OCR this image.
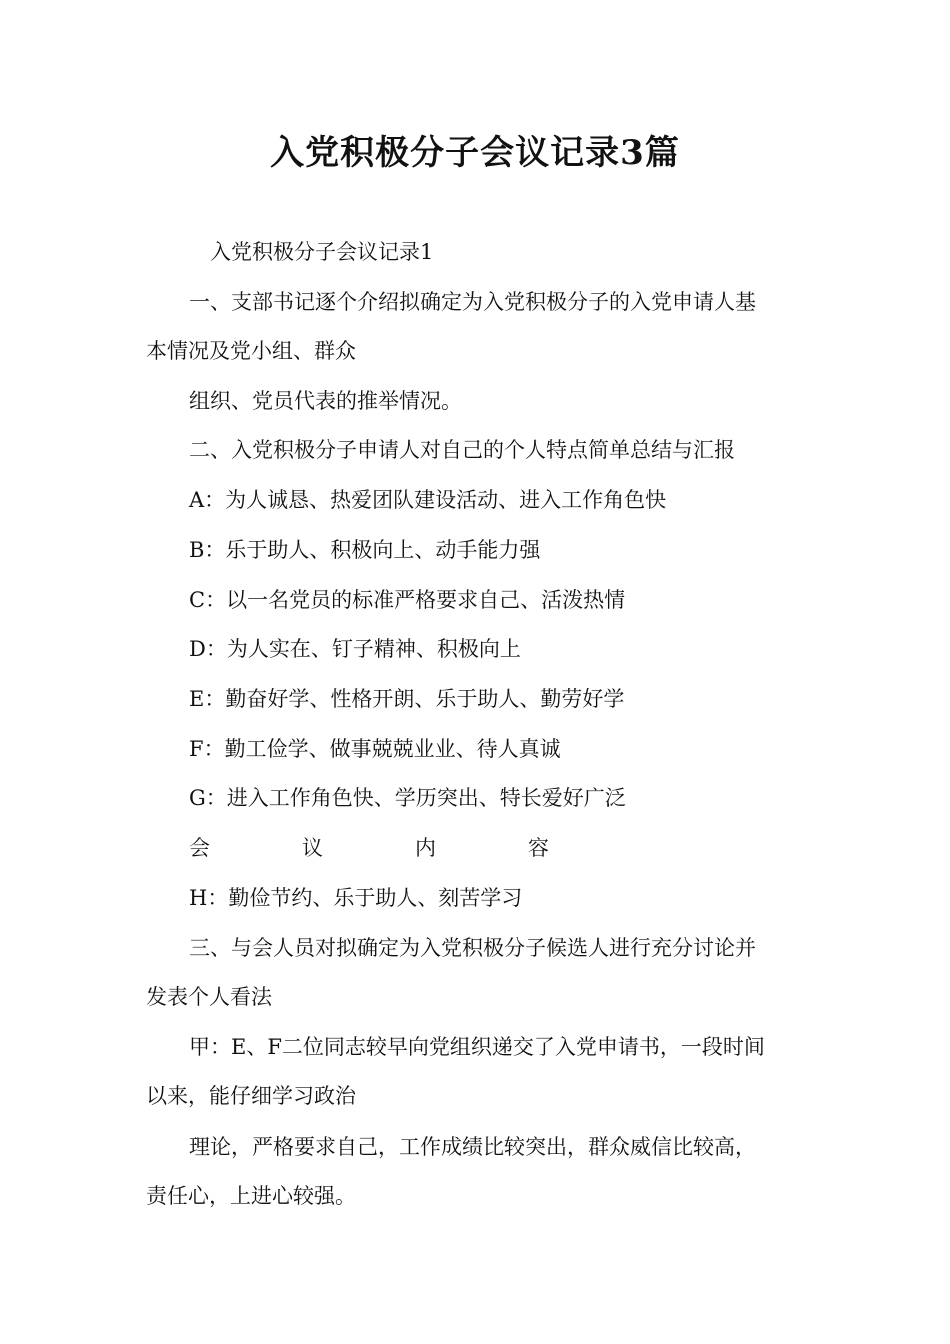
入党积极分子会议记录3篇
入党积极分子会议记录1
一、支部书记逐个介绍拟确定为入党积极分子的入党申请人基
本情况及党小组、群众
组织、党员代表的推举情况。
二、入党积极分子申请人对自己的个人特点简单总结与汇报
A：为人诚恳、热爱团队建设活动、进入工作角色快
B：乐于助人、积极向上、动手能力强
C：以一名党员的标准严格要求自己、活泼热情
D：为人实在、钉子精神、积极向上
E：勤奋好学、性格开朗、乐于助人、勤劳好学
F：勤工俭学、做事兢兢业业、待人真诚
G：进入工作角色快、学历突出、特长爱好广泛
会	议	内	容
H：勤俭节约、乐于助人、刻苦学习
三、与会人员对拟确定为入党积极分子候选人进行充分讨论并
发表个人看法
甲：E、F二位同志较早向党组织递交了入党申请书，一段时间
以来，能仔细学习政治
理论，严格要求自己，工作成绩比较突出，群众威信比较高，
责任心，上进心较强。
